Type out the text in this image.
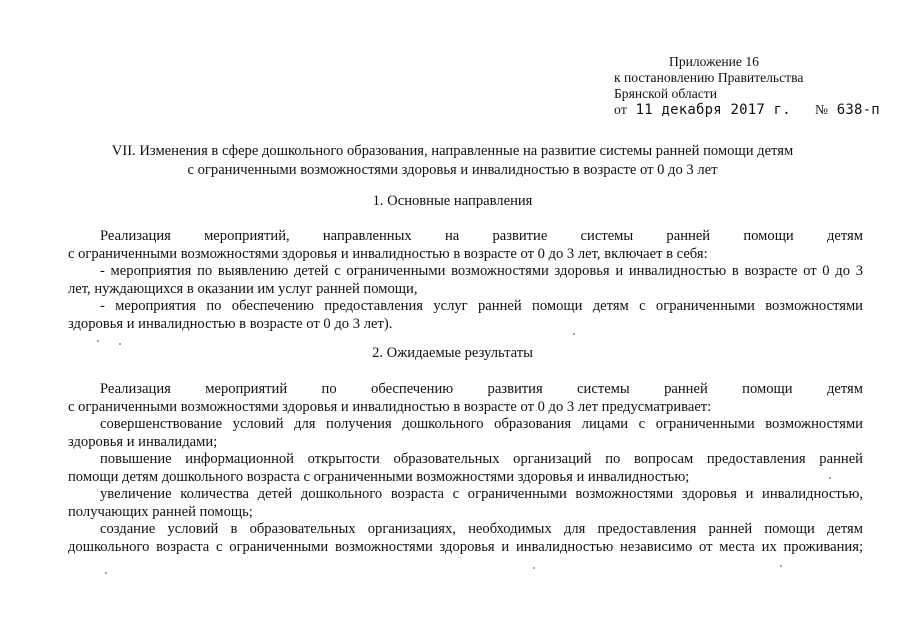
Приложение 16
к постановлению Правительства
Брянской области
от 11 декабря 2017 г. № 638-п
VII. Изменения в сфере дошкольного образования, направленные на развитие системы ранней помощи детям
с ограниченными возможностями здоровья и инвалидностью в возрасте от 0 до 3 лет
1. Основные направления
Реализация мероприятий, направленных на развитие системы ранней помощи детям
с ограниченными возможностями здоровья и инвалидностью в возрасте от 0 до 3 лет, включает в себя:
- мероприятия по выявлению детей с ограниченными возможностями здоровья и инвалидностью в возрасте от 0 до 3
лет, нуждающихся в оказании им услуг ранней помощи,
- мероприятия по обеспечению предоставления услуг ранней помощи детям с ограниченными возможностями
здоровья и инвалидностью в возрасте от 0 до 3 лет).
2. Ожидаемые результаты
Реализация мероприятий по обеспечению развития системы ранней помощи детям
с ограниченными возможностями здоровья и инвалидностью в возрасте от 0 до 3 лет предусматривает:
совершенствование условий для получения дошкольного образования лицами с ограниченными возможностями
здоровья и инвалидами;
повышение информационной открытости образовательных организаций по вопросам предоставления ранней
помощи детям дошкольного возраста с ограниченными возможностями здоровья и инвалидностью;
увеличение количества детей дошкольного возраста с ограниченными возможностями здоровья и инвалидностью,
получающих ранней помощь;
создание условий в образовательных организациях, необходимых для предоставления ранней помощи детям
дошкольного возраста с ограниченными возможностями здоровья и инвалидностью независимо от места их проживания;
